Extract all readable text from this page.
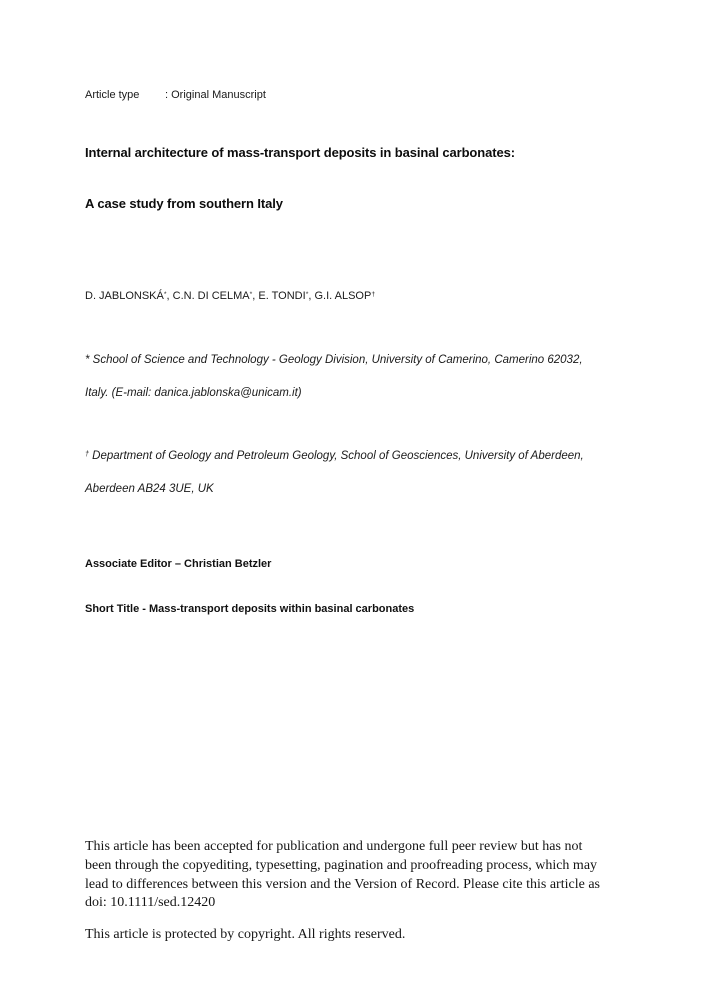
Article type : Original Manuscript
Internal architecture of mass-transport deposits in basinal carbonates:
A case study from southern Italy
D. JABLONSKÁ*, C.N. DI CELMA*, E. TONDI*, G.I. ALSOP†
* School of Science and Technology - Geology Division, University of Camerino, Camerino 62032,
Italy. (E-mail: danica.jablonska@unicam.it)
† Department of Geology and Petroleum Geology, School of Geosciences, University of Aberdeen,
Aberdeen AB24 3UE, UK
Associate Editor – Christian Betzler
Short Title - Mass-transport deposits within basinal carbonates
This article has been accepted for publication and undergone full peer review but has not
been through the copyediting, typesetting, pagination and proofreading process, which may
lead to differences between this version and the Version of Record. Please cite this article as
doi: 10.1111/sed.12420
This article is protected by copyright. All rights reserved.
